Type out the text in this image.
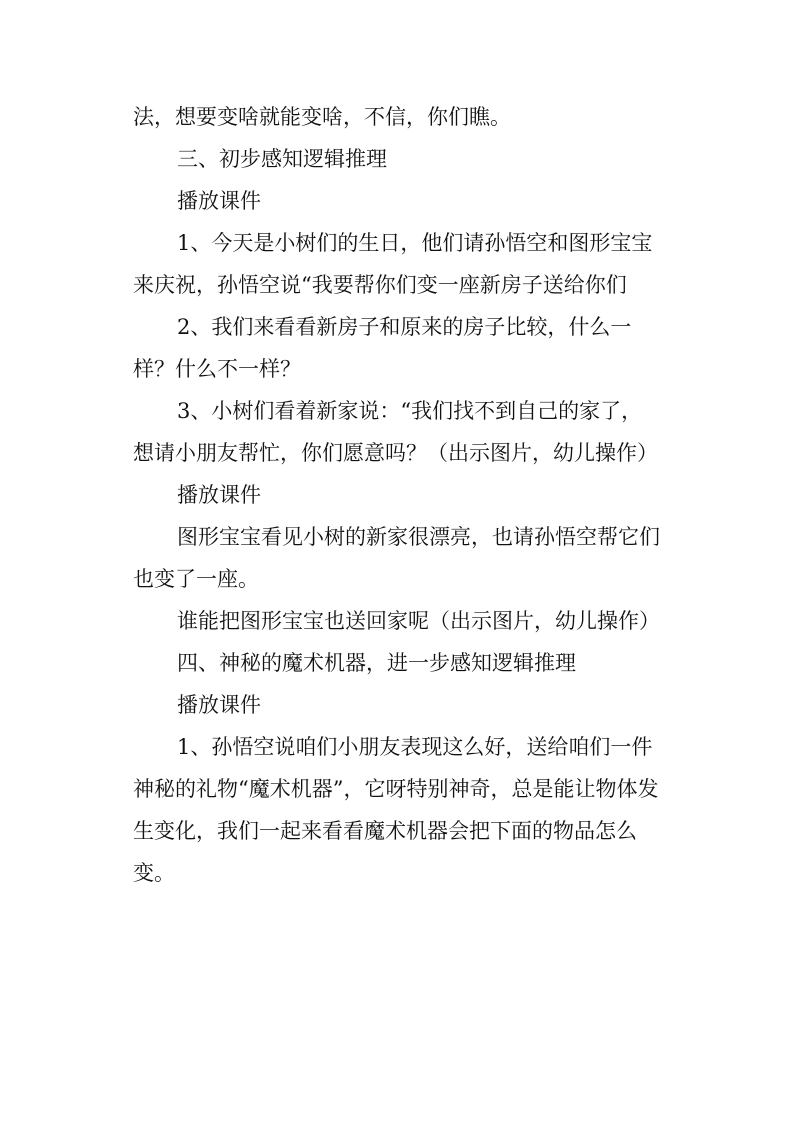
法，想要变啥就能变啥，不信，你们瞧。

三、初步感知逻辑推理

播放课件

1、今天是小树们的生日，他们请孙悟空和图形宝宝来庆祝，孙悟空说“我要帮你们变一座新房子送给你们

2、我们来看看新房子和原来的房子比较，什么一样？什么不一样？

3、小树们看着新家说：“我们找不到自己的家了，想请小朋友帮忙，你们愿意吗？（出示图片，幼儿操作）

播放课件

图形宝宝看见小树的新家很漂亮，也请孙悟空帮它们也变了一座。

谁能把图形宝宝也送回家呢（出示图片，幼儿操作）

四、神秘的魔术机器，进一步感知逻辑推理

播放课件

1、孙悟空说咱们小朋友表现这么好，送给咱们一件神秘的礼物“魔术机器”，它呀特别神奇，总是能让物体发生变化，我们一起来看看魔术机器会把下面的物品怎么变。
